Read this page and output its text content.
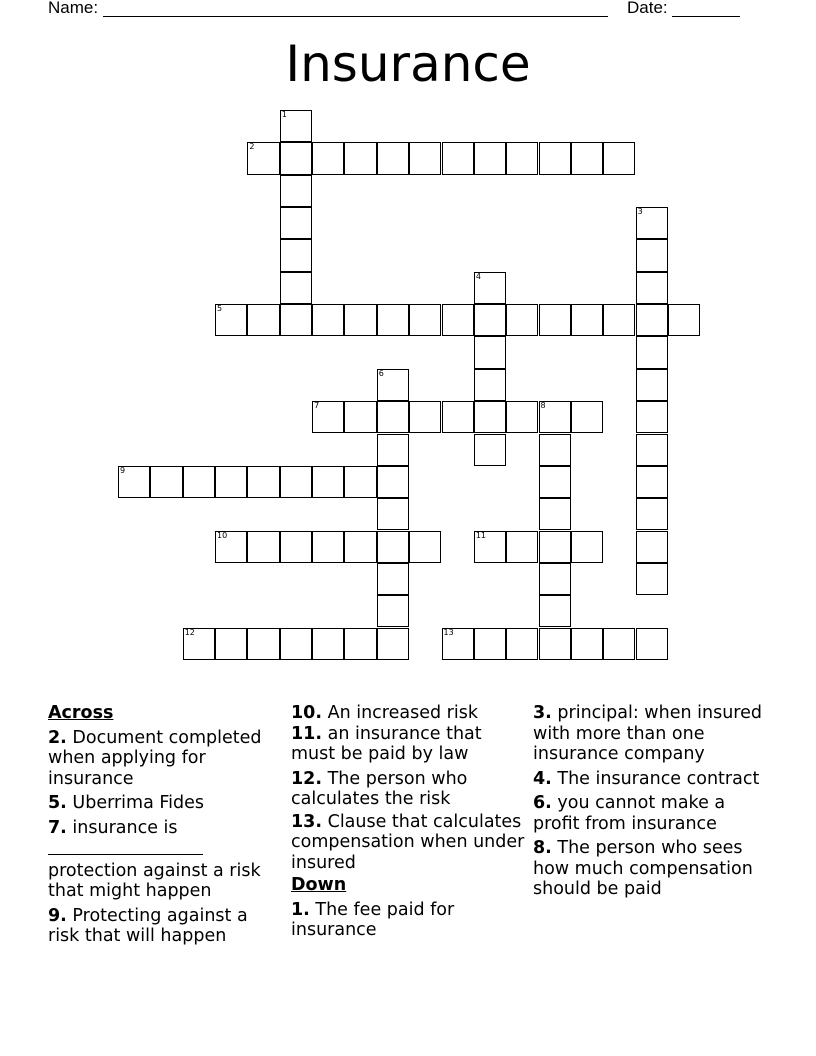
Name:	Date:
Insurance
1
2
3
4
5
6
7	8
9
10	11
12	13
Across
2. Document completed when applying for insurance
5. Uberrima Fides
7. insurance is
protection against a risk that might happen
9. Protecting against a risk that will happen
10. An increased risk
11. an insurance that must be paid by law
12. The person who calculates the risk
13. Clause that calculates compensation when under insured
Down
1. The fee paid for insurance
3. principal: when insured with more than one insurance company
4. The insurance contract
6. you cannot make a profit from insurance
8. The person who sees how much compensation should be paid
